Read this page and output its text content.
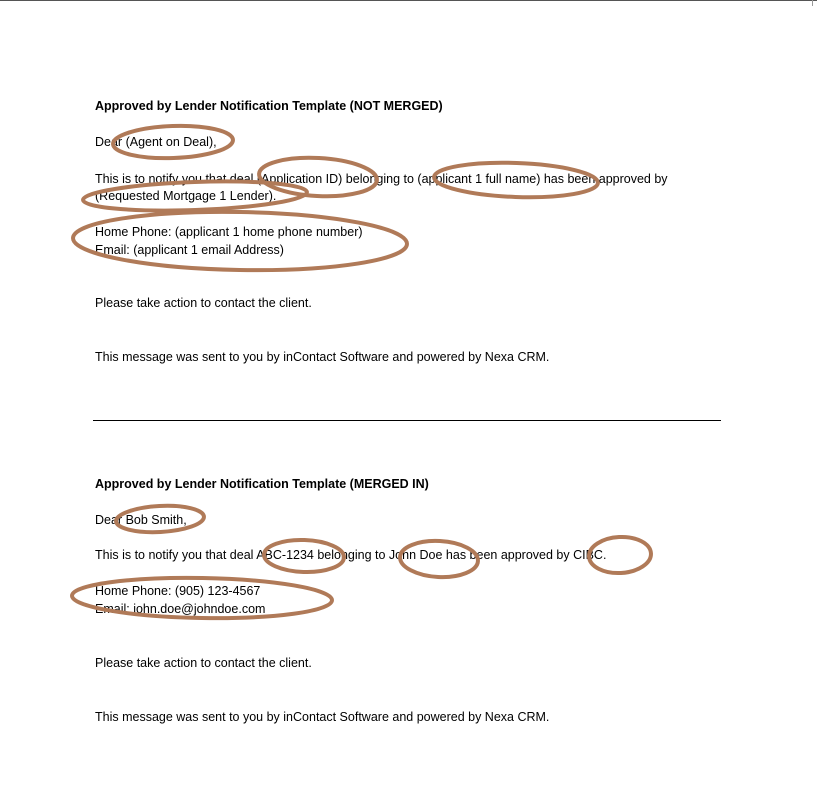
Approved by Lender Notification Template (NOT MERGED)
Dear (Agent on Deal),
This is to notify you that deal (Application ID) belonging to (applicant 1 full name) has been approved by
(Requested Mortgage 1 Lender).
Home Phone: (applicant 1 home phone number)
Email: (applicant 1 email Address)
Please take action to contact the client.
This message was sent to you by inContact Software and powered by Nexa CRM.
Approved by Lender Notification Template (MERGED IN)
Dear Bob Smith,
This is to notify you that deal ABC-1234 belonging to John Doe has been approved by CIBC.
Home Phone: (905) 123-4567
Email: john.doe@johndoe.com
Please take action to contact the client.
This message was sent to you by inContact Software and powered by Nexa CRM.
